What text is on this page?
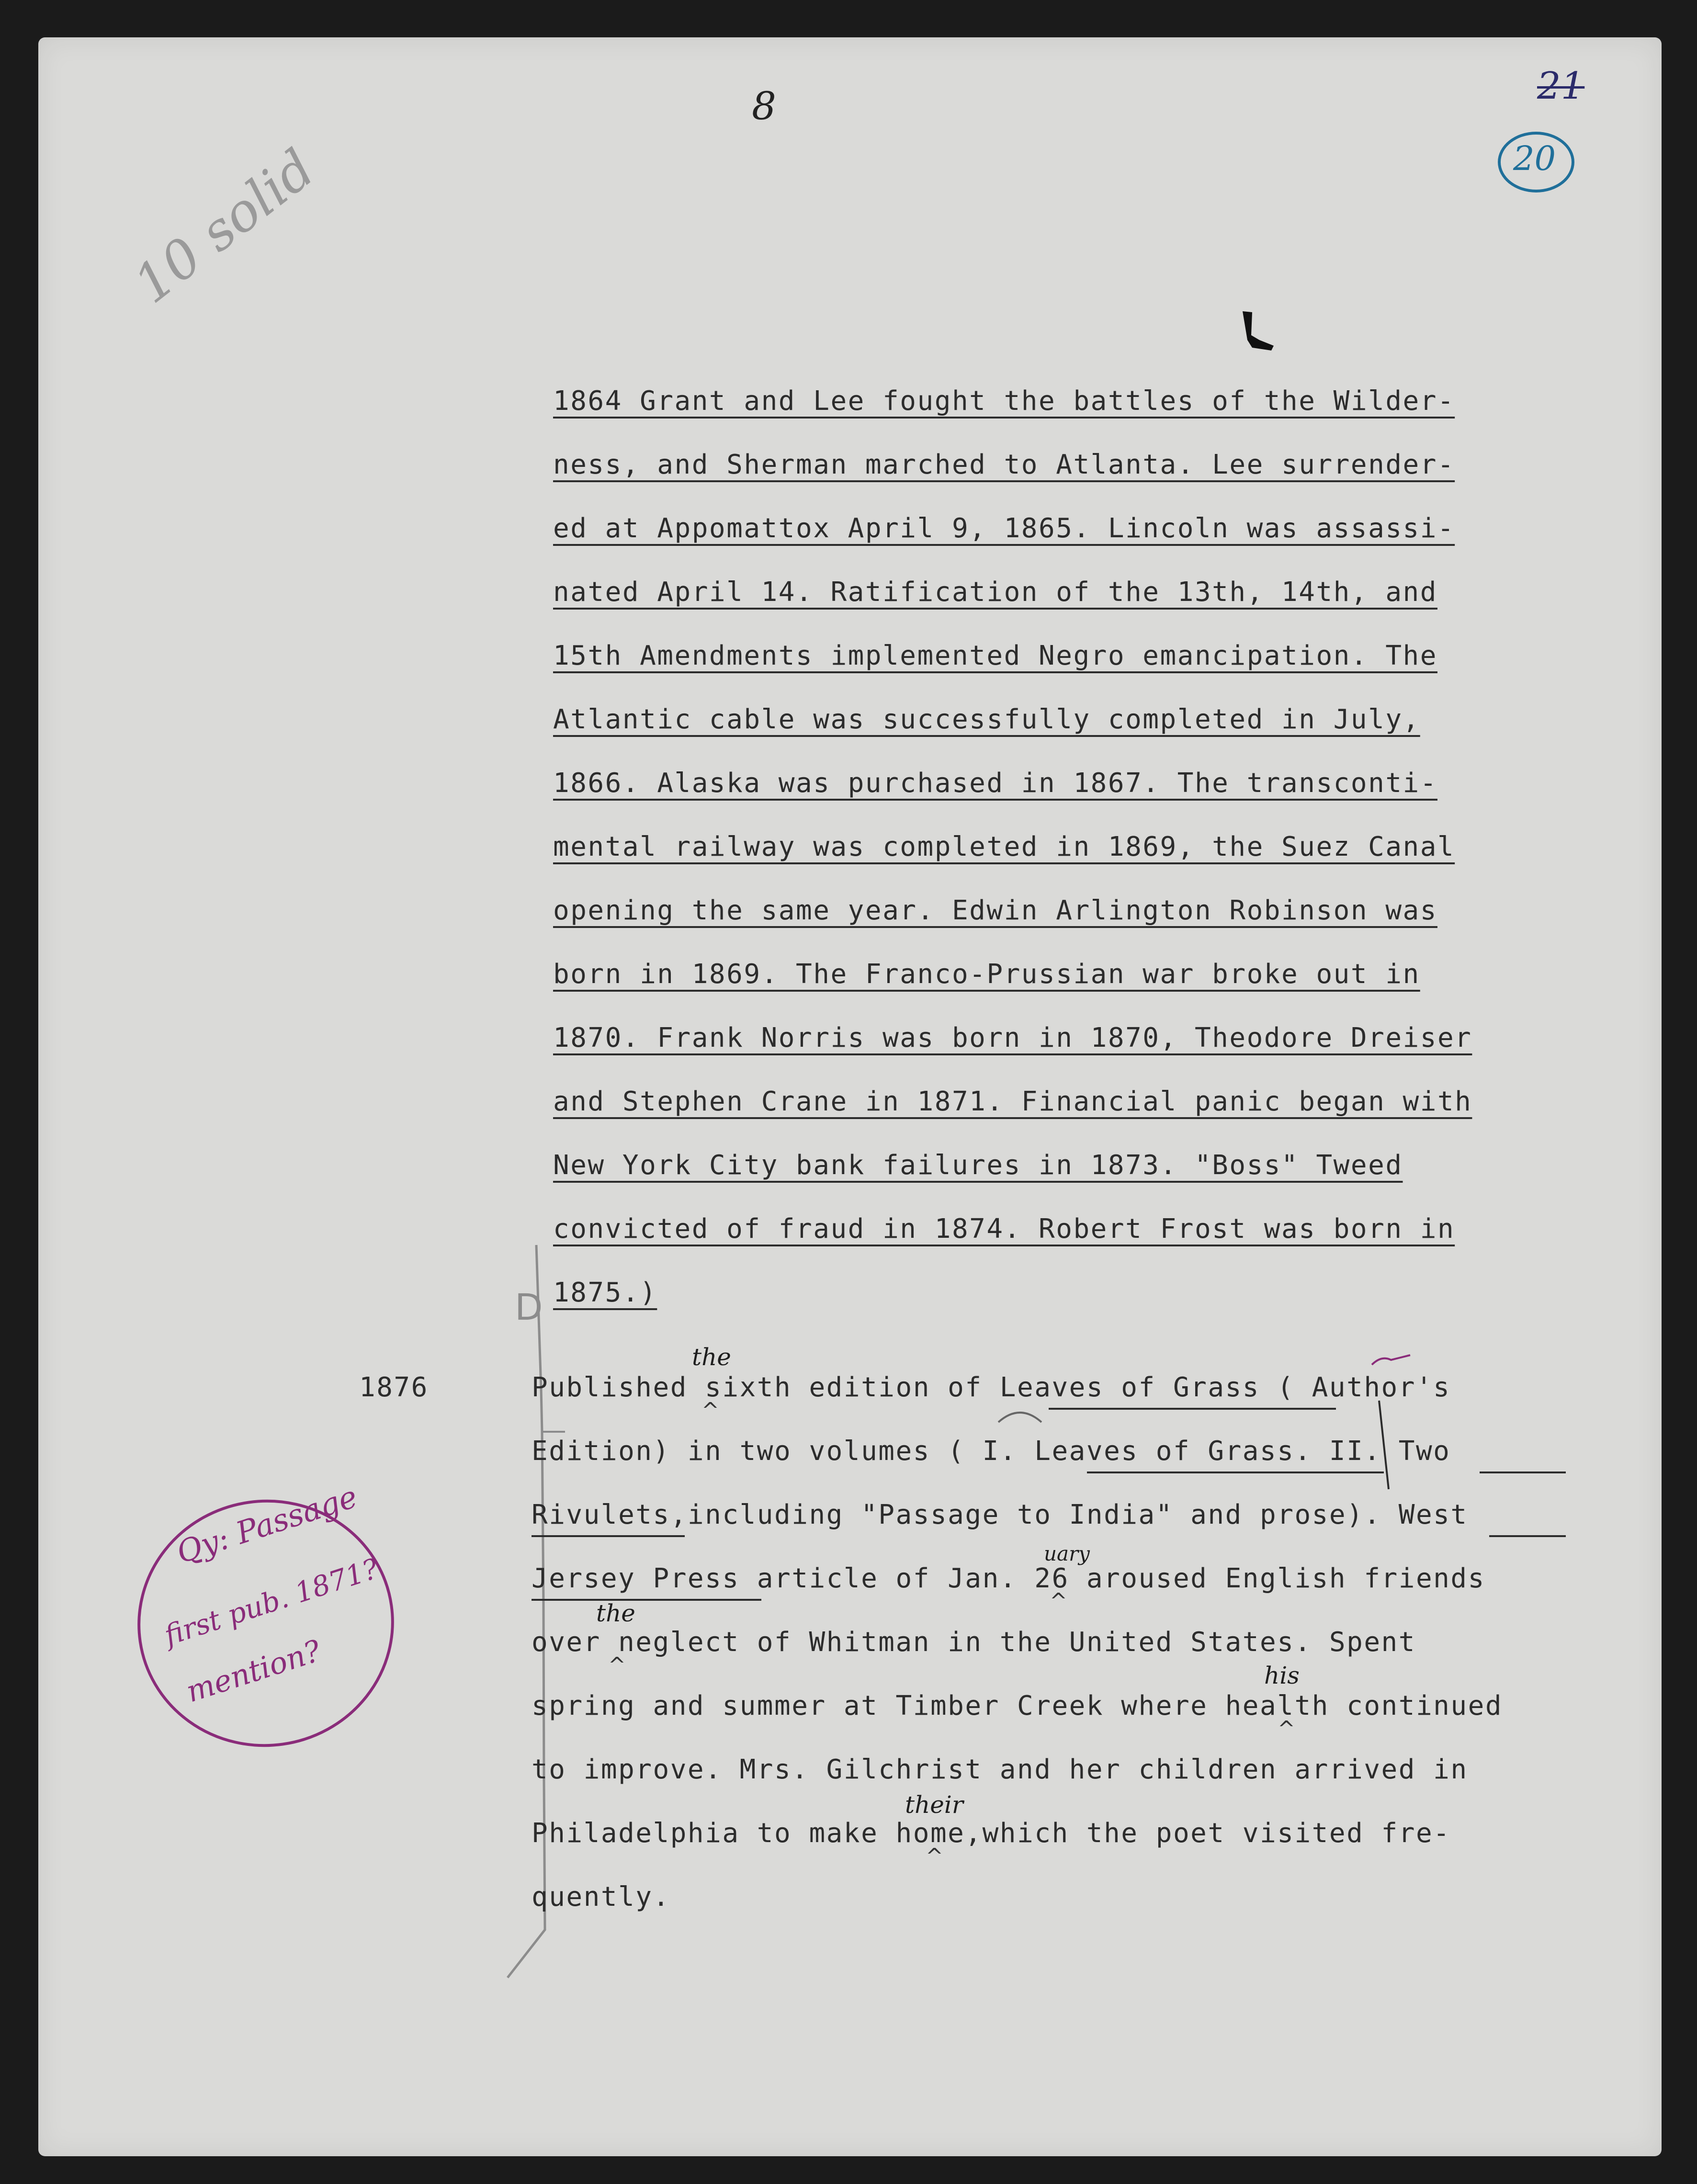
8	21
20
10 solid
1864 Grant and Lee fought the battles of the Wilder-
ness, and Sherman marched to Atlanta. Lee surrender-
ed at Appomattox April 9, 1865. Lincoln was assassi-
nated April 14. Ratification of the 13th, 14th, and
15th Amendments implemented Negro emancipation. The
Atlantic cable was successfully completed in July,
1866. Alaska was purchased in 1867. The transconti-
mental railway was completed in 1869, the Suez Canal
opening the same year. Edwin Arlington Robinson was
born in 1869. The Franco-Prussian war broke out in
1870. Frank Norris was born in 1870, Theodore Dreiser
and Stephen Crane in 1871. Financial panic began with
New York City bank failures in 1873. "Boss" Tweed
convicted of fraud in 1874. Robert Frost was born in
1875.)
D
1876	Published sixth edition of Leaves of Grass ( Author's
Edition) in two volumes ( I. Leaves of Grass. II. Two
Rivulets,including "Passage to India" and prose). West
Jersey Press article of Jan. 26 aroused English friends
over neglect of Whitman in the United States. Spent
spring and summer at Timber Creek where health continued
to improve. Mrs. Gilchrist and her children arrived in
Philadelphia to make home,which the poet visited fre-
quently.
^
the
^
uary
^
the
^
his
^
their
Qy: Passage
first pub. 1871?
mention?
